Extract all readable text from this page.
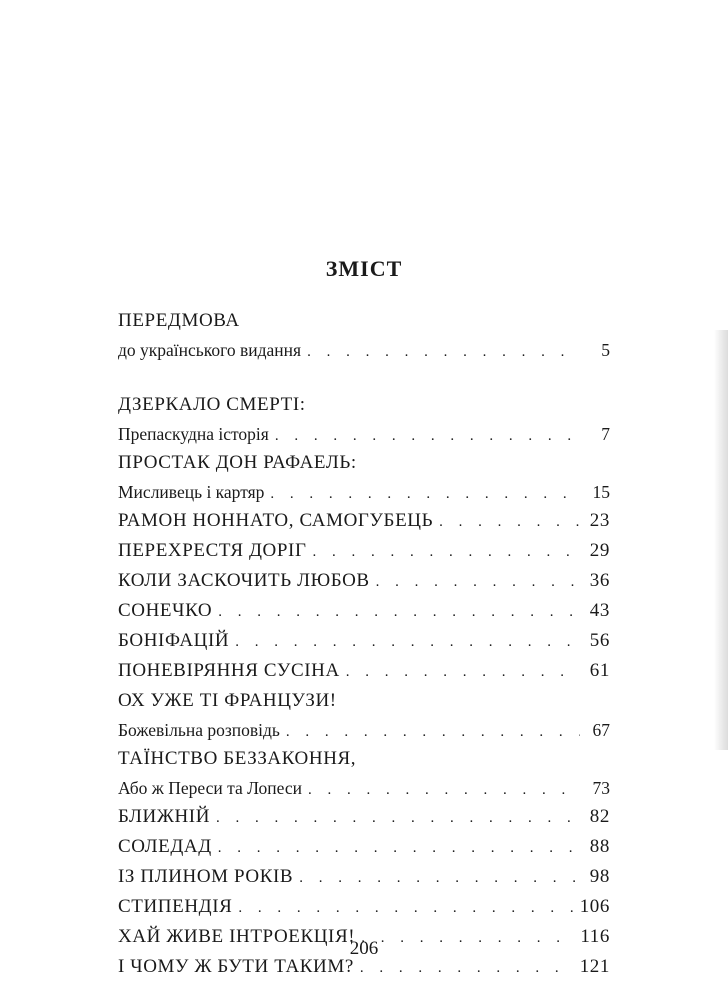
ЗМІСТ
ПЕРЕДМОВА
до українського видання . . .	5
ДЗЕРКАЛО СМЕРТІ:
Препаскудна історія . . .	7
ПРОСТАК ДОН РАФАЕЛЬ:
Мисливець і картяр . . .	15
РАМОН НОННАТО, САМОГУБЕЦЬ . . .	23
ПЕРЕХРЕСТЯ ДОРІГ . . .	29
КОЛИ ЗАСКОЧИТЬ ЛЮБОВ . . .	36
СОНЕЧКО . . .	43
БОНІФАЦІЙ . . .	56
ПОНЕВІРЯННЯ СУСІНА . . .	61
ОХ УЖЕ ТІ ФРАНЦУЗИ!
Божевільна розповідь . . .	67
ТАЇНСТВО БЕЗЗАКОННЯ,
Або ж Переси та Лопеси . . .	73
БЛИЖНІЙ . . .	82
СОЛЕДАД . . .	88
ІЗ ПЛИНОМ РОКІВ . . .	98
СТИПЕНДІЯ . . .	106
ХАЙ ЖИВЕ ІНТРОЕКЦІЯ! . . .	116
І ЧОМУ Ж БУТИ ТАКИМ? . . .	121
206
